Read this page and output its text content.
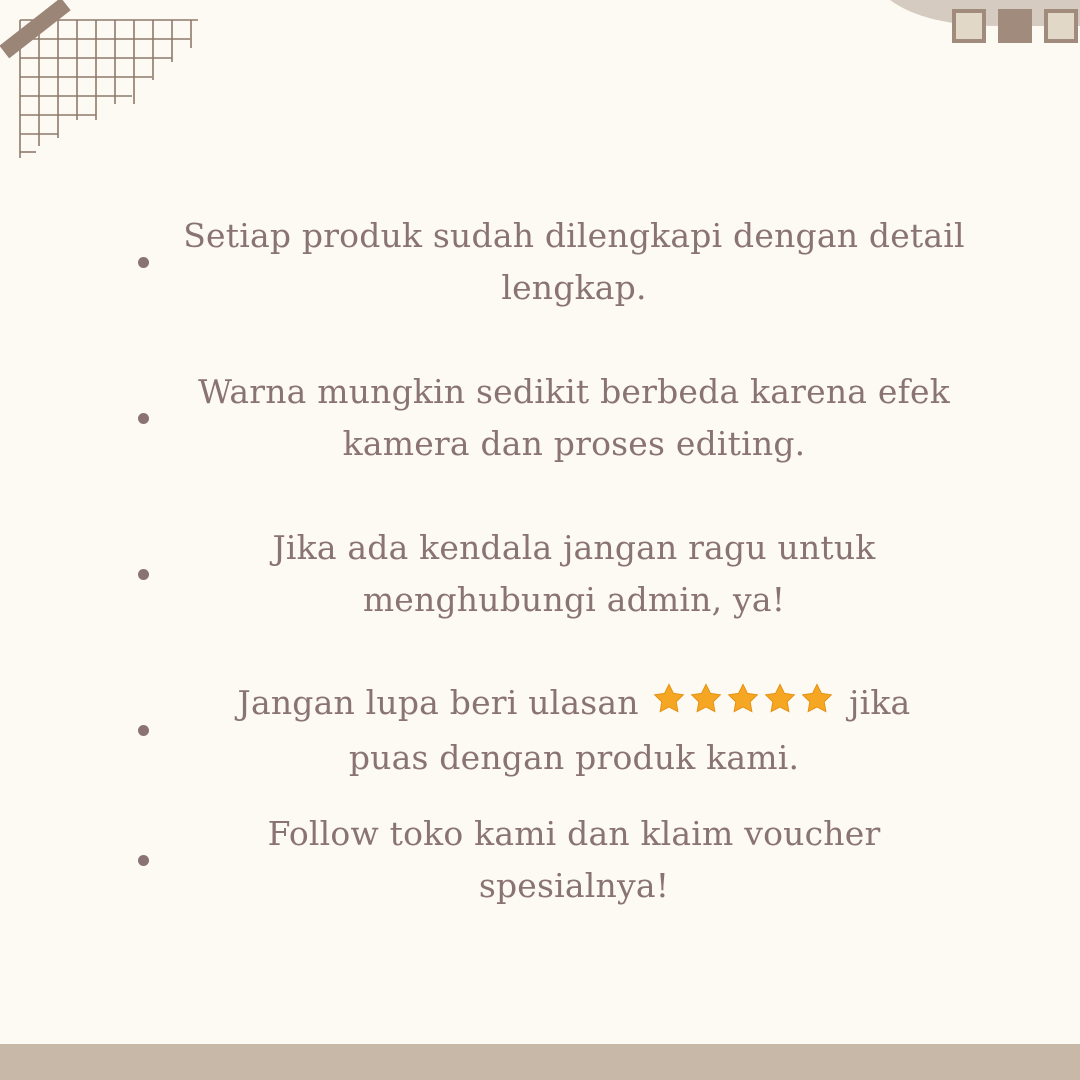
Setiap produk sudah dilengkapi dengan detail
lengkap.
Warna mungkin sedikit berbeda karena efek
kamera dan proses editing.
Jika ada kendala jangan ragu untuk
menghubungi admin, ya!
Jangan lupa beri ulasan	jika
puas dengan produk kami.
Follow toko kami dan klaim voucher spesialnya!
